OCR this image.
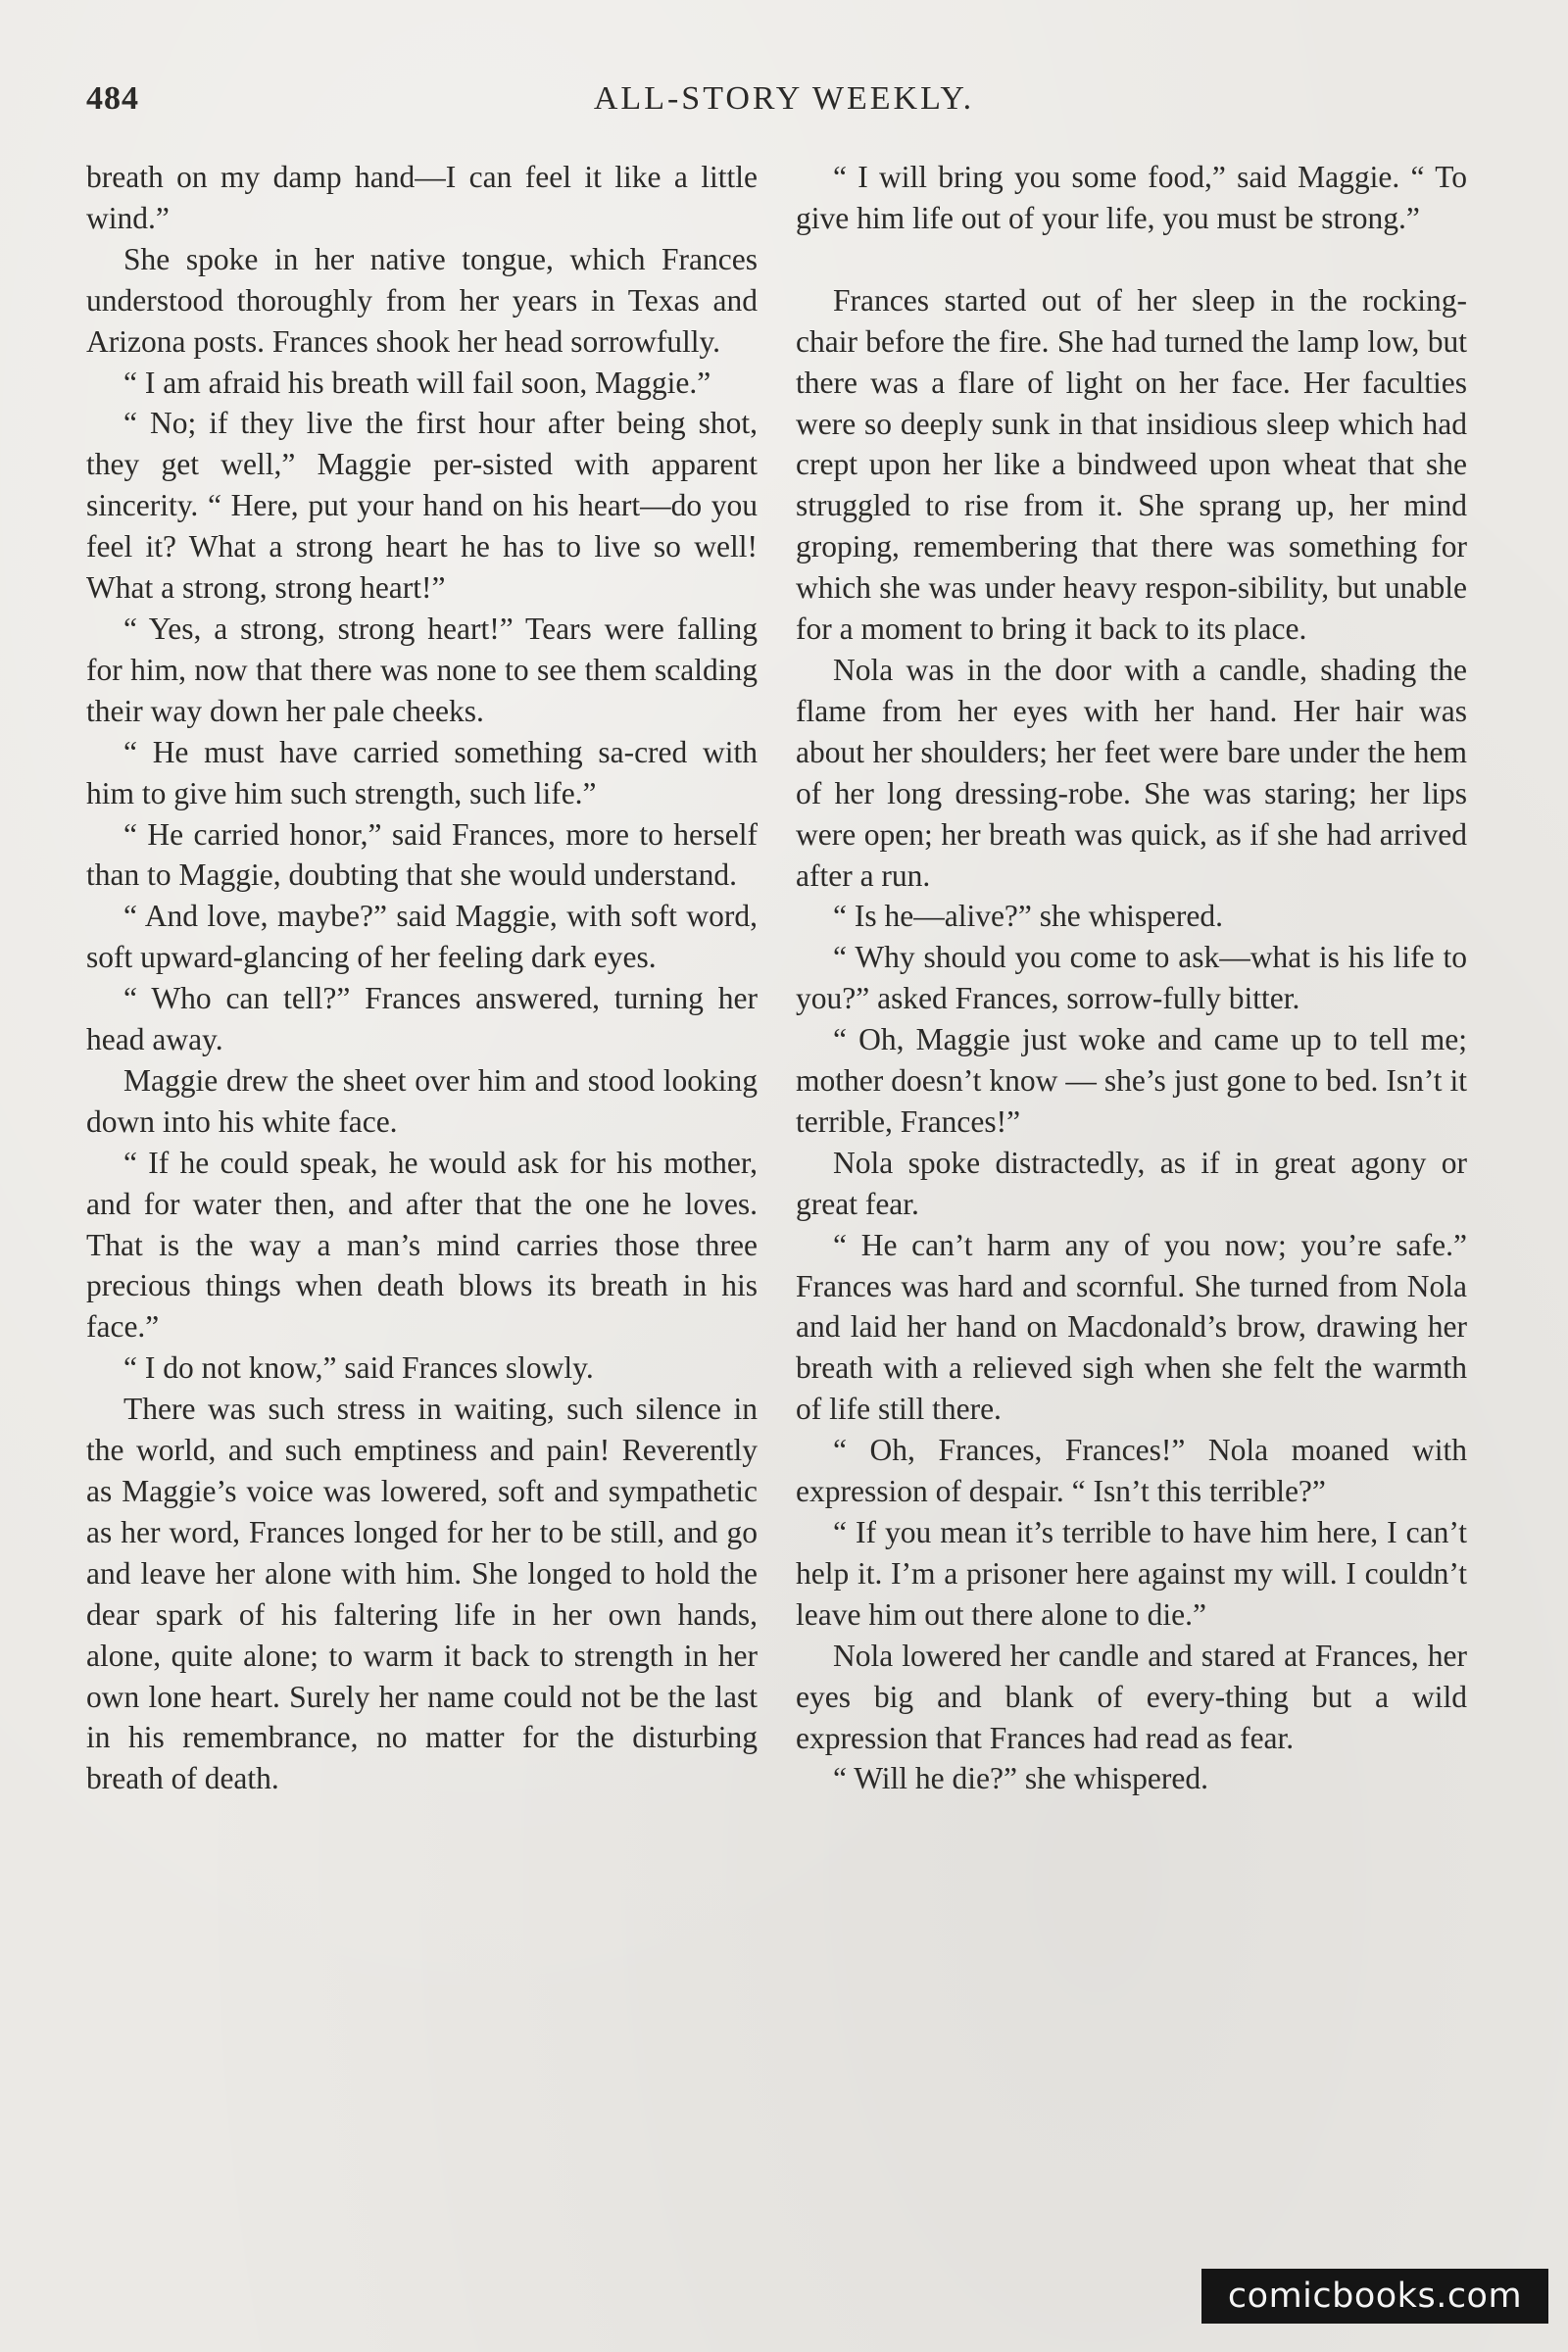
484	ALL-STORY WEEKLY.

breath on my damp hand—I can feel it like a little wind.”

She spoke in her native tongue, which Frances understood thoroughly from her years in Texas and Arizona posts. Frances shook her head sorrowfully.

“ I am afraid his breath will fail soon, Maggie.”

“ No; if they live the first hour after being shot, they get well,” Maggie per-sisted with apparent sincerity. “ Here, put your hand on his heart—do you feel it? What a strong heart he has to live so well! What a strong, strong heart!”

“ Yes, a strong, strong heart!” Tears were falling for him, now that there was none to see them scalding their way down her pale cheeks.

“ He must have carried something sa-cred with him to give him such strength, such life.”

“ He carried honor,” said Frances, more to herself than to Maggie, doubting that she would understand.

“ And love, maybe?” said Maggie, with soft word, soft upward-glancing of her feeling dark eyes.

“ Who can tell?” Frances answered, turning her head away.

Maggie drew the sheet over him and stood looking down into his white face.

“ If he could speak, he would ask for his mother, and for water then, and after that the one he loves. That is the way a man’s mind carries those three precious things when death blows its breath in his face.”

“ I do not know,” said Frances slowly.

There was such stress in waiting, such silence in the world, and such emptiness and pain! Reverently as Maggie’s voice was lowered, soft and sympathetic as her word, Frances longed for her to be still, and go and leave her alone with him. She longed to hold the dear spark of his faltering life in her own hands, alone, quite alone; to warm it back to strength in her own lone heart. Surely her name could not be the last in his remembrance, no matter for the disturbing breath of death.

“ I will bring you some food,” said Maggie. “ To give him life out of your life, you must be strong.”

Frances started out of her sleep in the rocking-chair before the fire. She had turned the lamp low, but there was a flare of light on her face. Her faculties were so deeply sunk in that insidious sleep which had crept upon her like a bindweed upon wheat that she struggled to rise from it. She sprang up, her mind groping, remembering that there was something for which she was under heavy respon-sibility, but unable for a moment to bring it back to its place.

Nola was in the door with a candle, shading the flame from her eyes with her hand. Her hair was about her shoulders; her feet were bare under the hem of her long dressing-robe. She was staring; her lips were open; her breath was quick, as if she had arrived after a run.

“ Is he—alive?” she whispered.

“ Why should you come to ask—what is his life to you?” asked Frances, sorrow-fully bitter.

“ Oh, Maggie just woke and came up to tell me; mother doesn’t know — she’s just gone to bed. Isn’t it terrible, Frances!”

Nola spoke distractedly, as if in great agony or great fear.

“ He can’t harm any of you now; you’re safe.” Frances was hard and scornful. She turned from Nola and laid her hand on Macdonald’s brow, drawing her breath with a relieved sigh when she felt the warmth of life still there.

“ Oh, Frances, Frances!” Nola moaned with expression of despair. “ Isn’t this terrible?”

“ If you mean it’s terrible to have him here, I can’t help it. I’m a prisoner here against my will. I couldn’t leave him out there alone to die.”

Nola lowered her candle and stared at Frances, her eyes big and blank of every-thing but a wild expression that Frances had read as fear.

“ Will he die?” she whispered.

comicbooks.com
